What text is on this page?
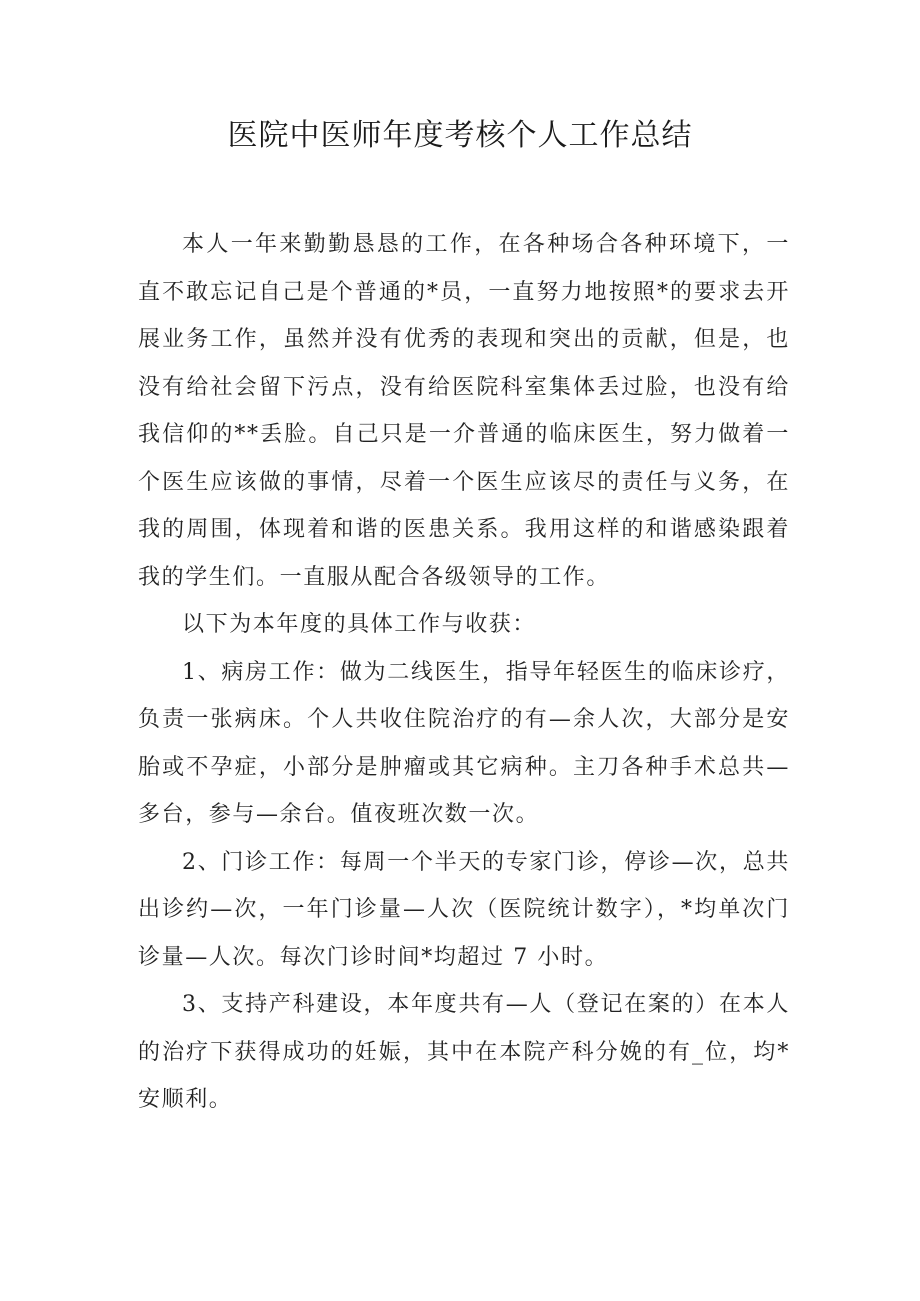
医院中医师年度考核个人工作总结

本人一年来勤勤恳恳的工作，在各种场合各种环境下，一直不敢忘记自己是个普通的*员，一直努力地按照*的要求去开展业务工作，虽然并没有优秀的表现和突出的贡献，但是，也没有给社会留下污点，没有给医院科室集体丢过脸，也没有给我信仰的**丢脸。自己只是一介普通的临床医生，努力做着一个医生应该做的事情，尽着一个医生应该尽的责任与义务，在我的周围，体现着和谐的医患关系。我用这样的和谐感染跟着我的学生们。一直服从配合各级领导的工作。

以下为本年度的具体工作与收获：

1、病房工作：做为二线医生，指导年轻医生的临床诊疗，负责一张病床。个人共收住院治疗的有—余人次，大部分是安胎或不孕症，小部分是肿瘤或其它病种。主刀各种手术总共—多台，参与—余台。值夜班次数一次。

2、门诊工作：每周一个半天的专家门诊，停诊—次，总共出诊约—次，一年门诊量—人次（医院统计数字），*均单次门诊量—人次。每次门诊时间*均超过 7 小时。

3、支持产科建设，本年度共有—人（登记在案的）在本人的治疗下获得成功的妊娠，其中在本院产科分娩的有_位，均*安顺利。
